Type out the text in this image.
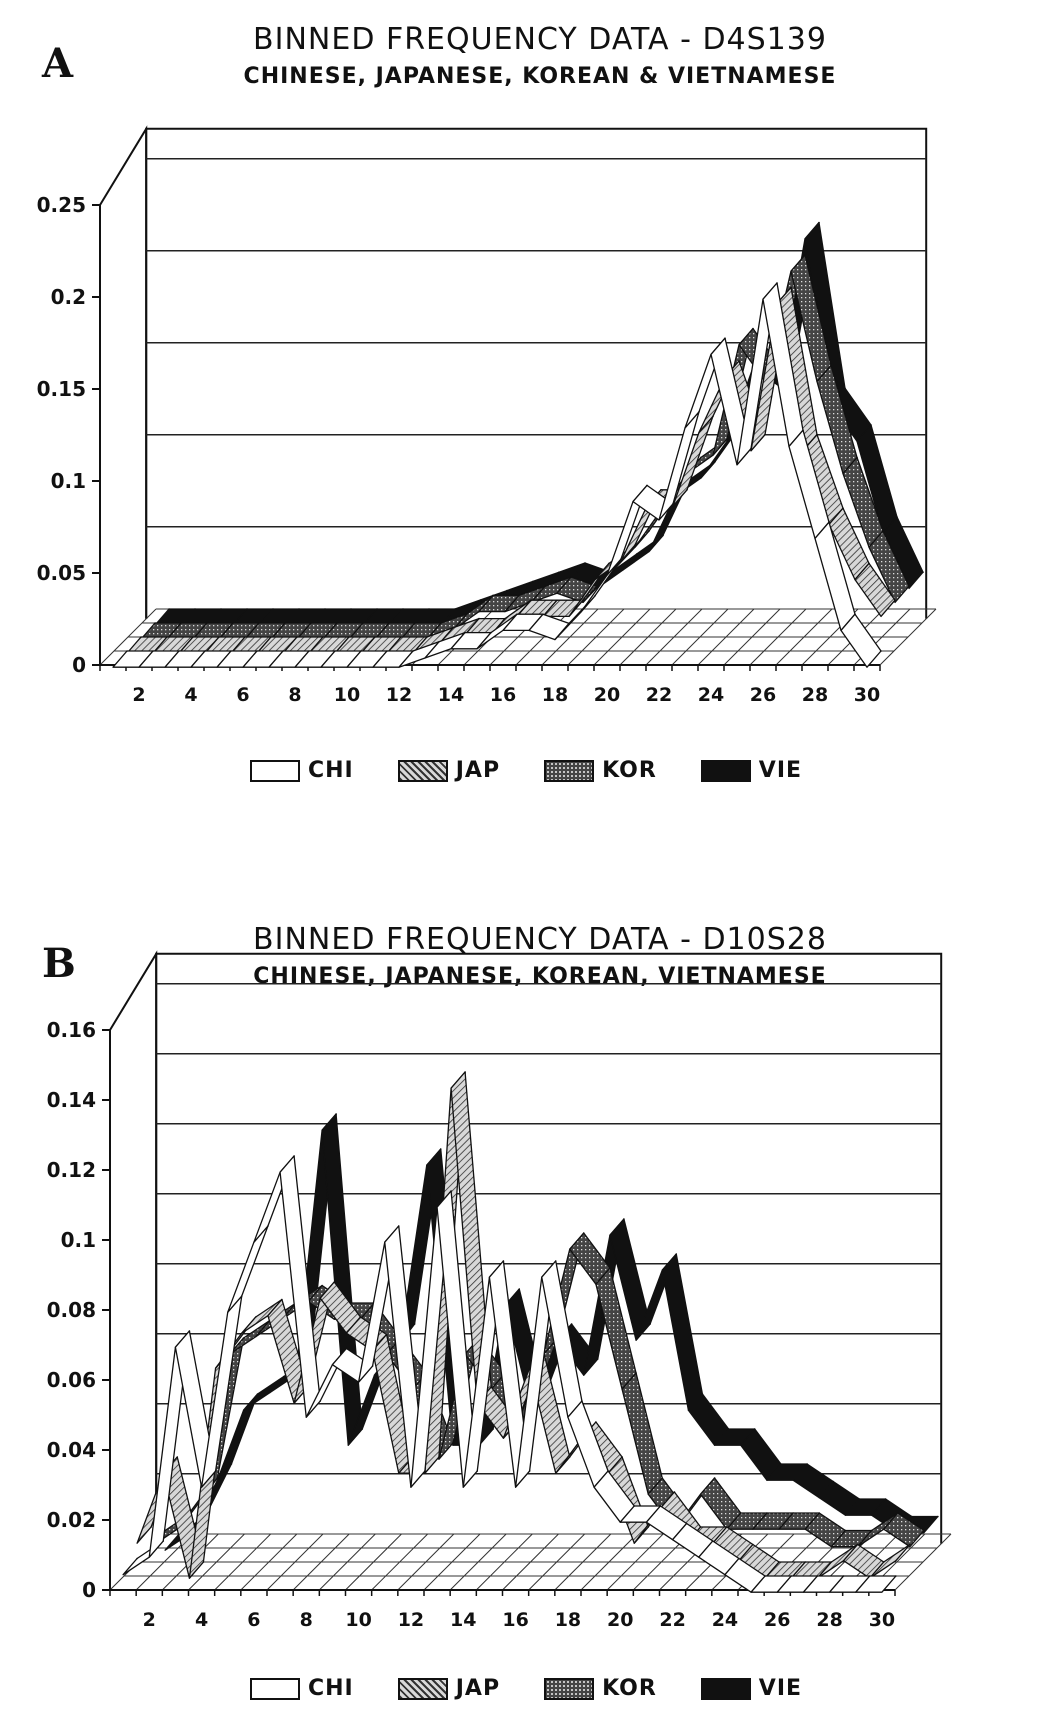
A
BINNED FREQUENCY DATA - D4S139
CHINESE, JAPANESE, KOREAN & VIETNAMESE
0
0.05
0.1
0.15
0.2
0.25
2 4 6 8 10 12 14 16 18 20 22 24 26 28 30
CHI	JAP	KOR	VIE
B
BINNED FREQUENCY DATA - D10S28
CHINESE, JAPANESE, KOREAN, VIETNAMESE
0
0.02
0.04
0.06
0.08
0.1
0.12
0.14
0.16
2 4 6 8 10 12 14 16 18 20 22 24 26 28 30
CHI	JAP	KOR	VIE
